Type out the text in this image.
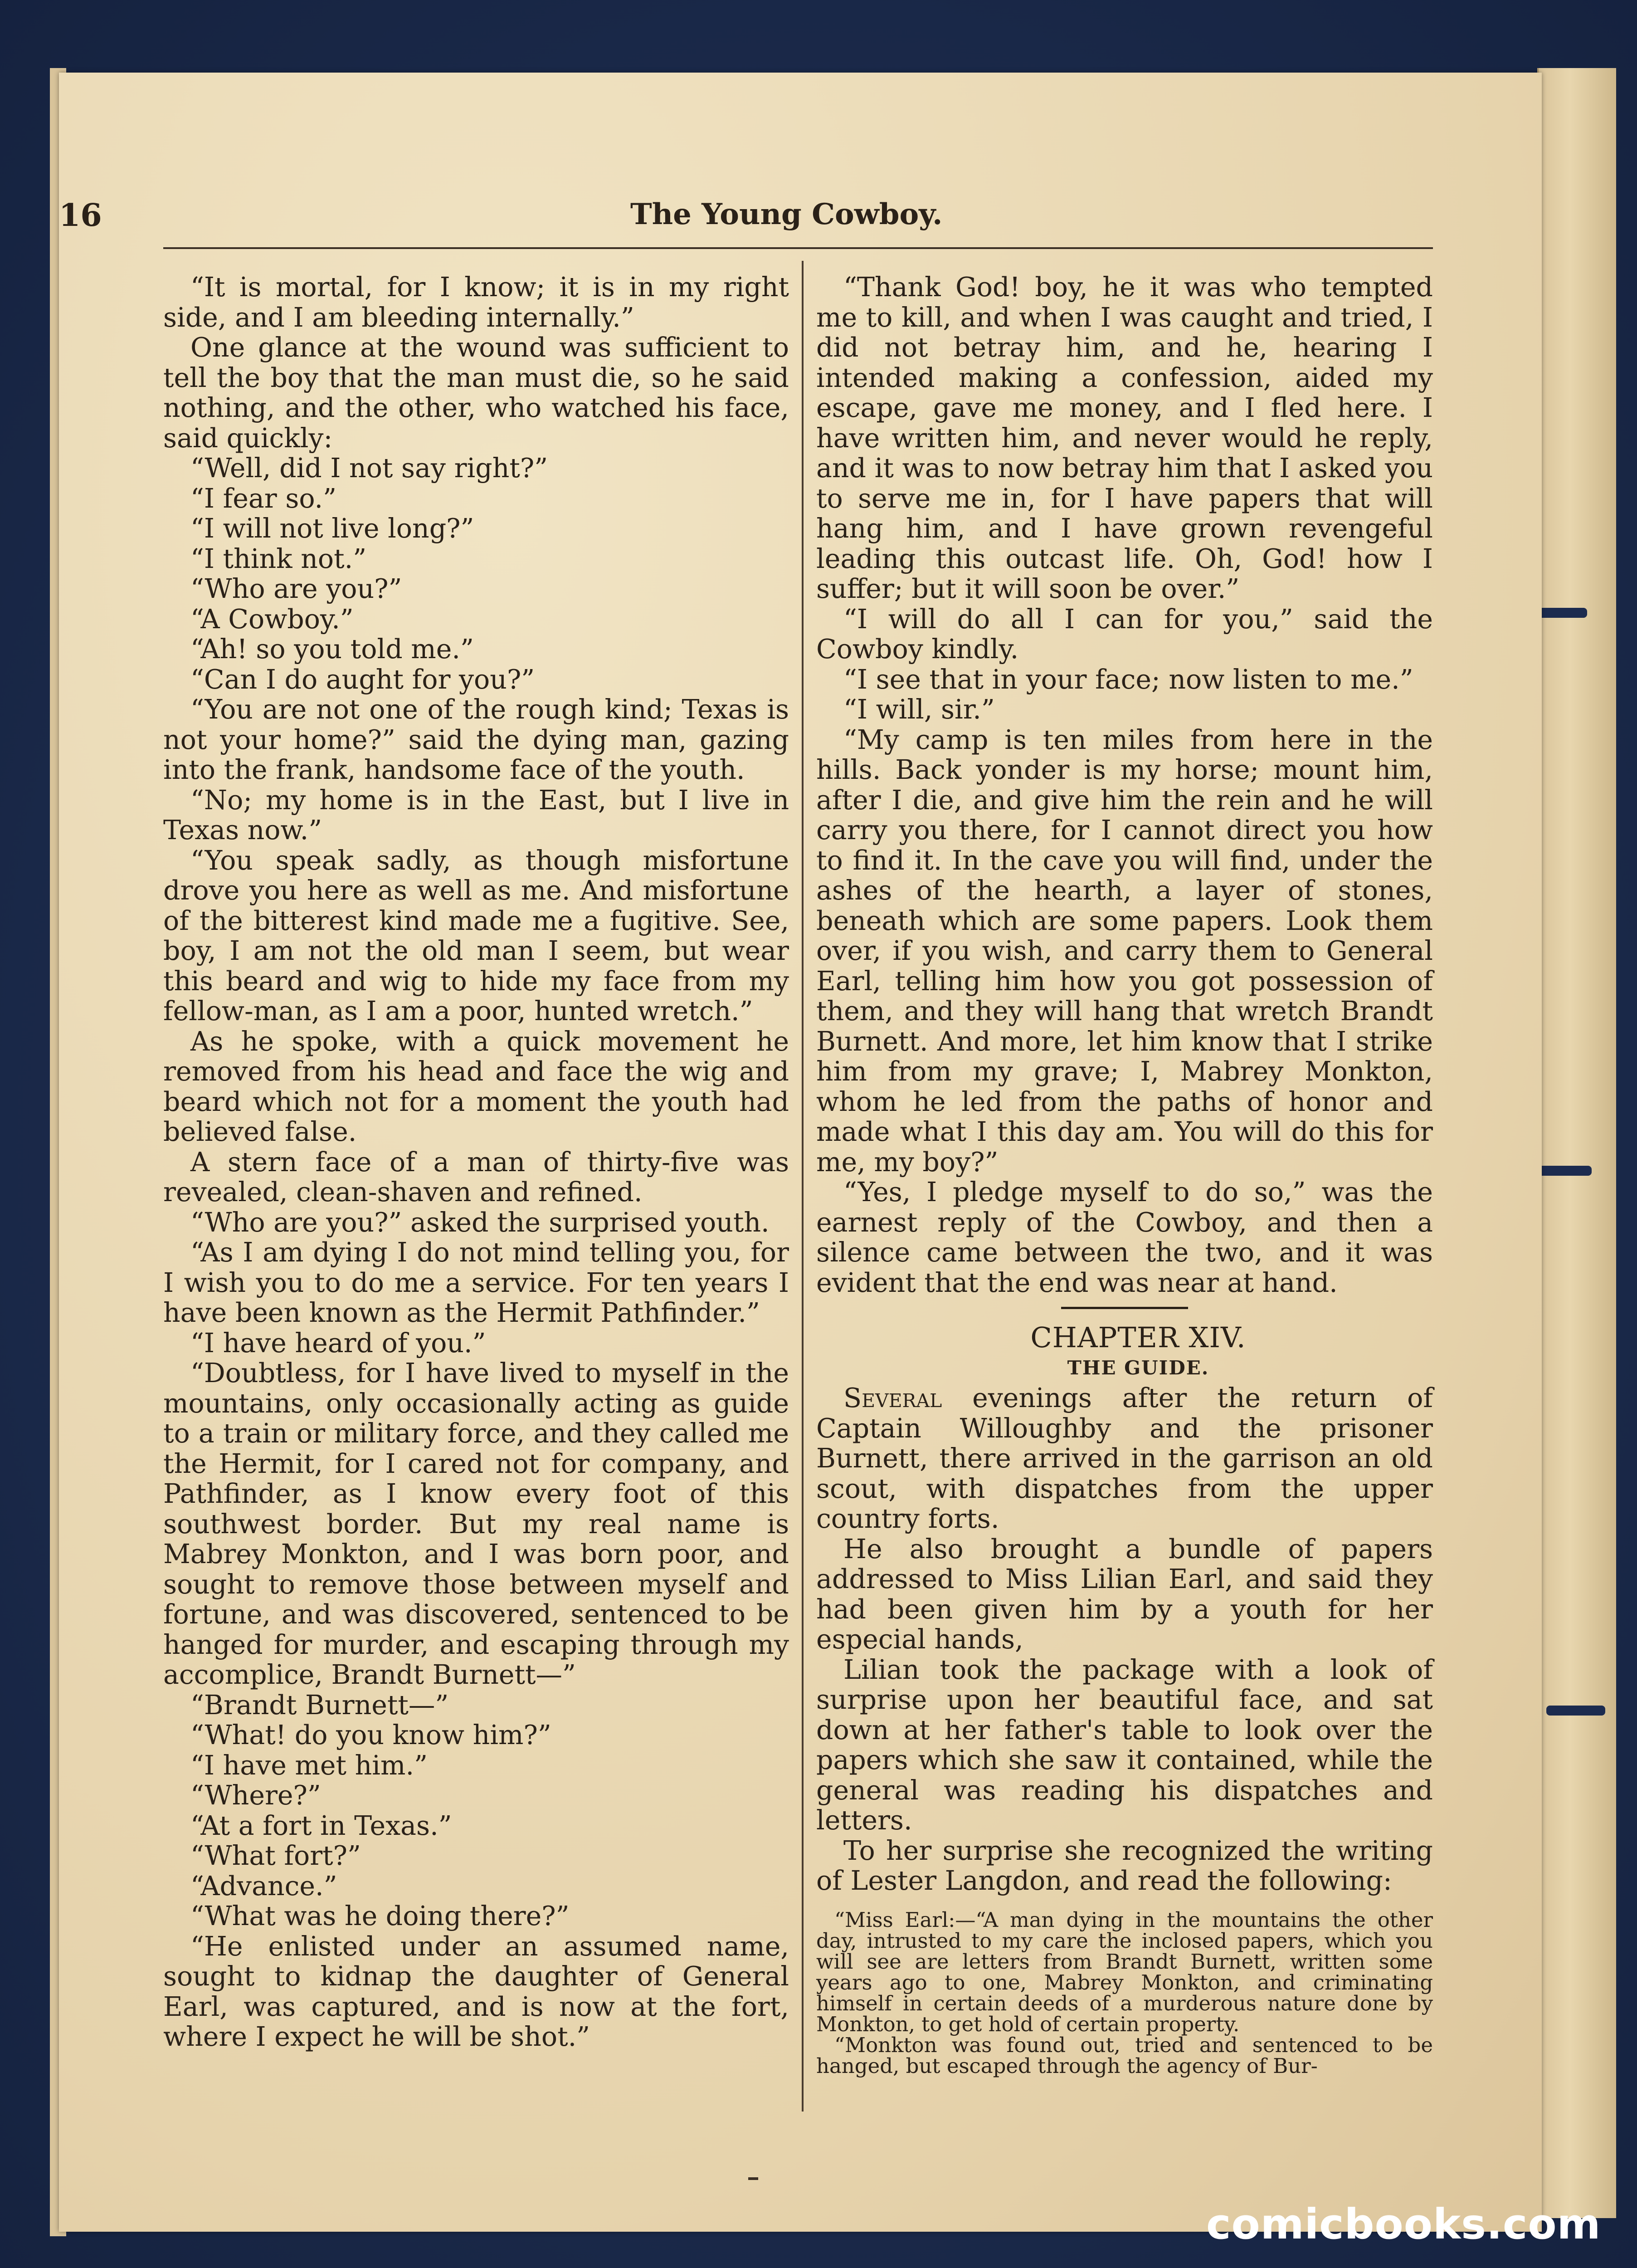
16	The Young Cowboy.

“It is mortal, for I know; it is in my right side, and I am bleeding internally.”

One glance at the wound was sufficient to tell the boy that the man must die, so he said nothing, and the other, who watched his face, said quickly:

“Well, did I not say right?”

“I fear so.”

“I will not live long?”

“I think not.”

“Who are you?”

“A Cowboy.”

“Ah! so you told me.”

“Can I do aught for you?”

“You are not one of the rough kind; Texas is not your home?” said the dying man, gazing into the frank, handsome face of the youth.

“No; my home is in the East, but I live in Texas now.”

“You speak sadly, as though misfortune drove you here as well as me. And misfortune of the bitterest kind made me a fugitive. See, boy, I am not the old man I seem, but wear this beard and wig to hide my face from my fellow-man, as I am a poor, hunted wretch.”

As he spoke, with a quick movement he removed from his head and face the wig and beard which not for a moment the youth had believed false.

A stern face of a man of thirty-five was revealed, clean-shaven and refined.

“Who are you?” asked the surprised youth.

“As I am dying I do not mind telling you, for I wish you to do me a service. For ten years I have been known as the Hermit Pathfinder.”

“I have heard of you.”

“Doubtless, for I have lived to myself in the mountains, only occasionally acting as guide to a train or military force, and they called me the Hermit, for I cared not for company, and Pathfinder, as I know every foot of this southwest border. But my real name is Mabrey Monkton, and I was born poor, and sought to remove those between myself and fortune, and was discovered, sentenced to be hanged for murder, and escaping through my accomplice, Brandt Burnett—”

“Brandt Burnett—”

“What! do you know him?”

“I have met him.”

“Where?”

“At a fort in Texas.”

“What fort?”

“Advance.”

“What was he doing there?”

“He enlisted under an assumed name, sought to kidnap the daughter of General Earl, was captured, and is now at the fort, where I expect he will be shot.”

“Thank God! boy, he it was who tempted me to kill, and when I was caught and tried, I did not betray him, and he, hearing I intended making a confession, aided my escape, gave me money, and I fled here. I have written him, and never would he reply, and it was to now betray him that I asked you to serve me in, for I have papers that will hang him, and I have grown revengeful leading this outcast life. Oh, God! how I suffer; but it will soon be over.”

“I will do all I can for you,” said the Cowboy kindly.

“I see that in your face; now listen to me.”

“I will, sir.”

“My camp is ten miles from here in the hills. Back yonder is my horse; mount him, after I die, and give him the rein and he will carry you there, for I cannot direct you how to find it. In the cave you will find, under the ashes of the hearth, a layer of stones, beneath which are some papers. Look them over, if you wish, and carry them to General Earl, telling him how you got possession of them, and they will hang that wretch Brandt Burnett. And more, let him know that I strike him from my grave; I, Mabrey Monkton, whom he led from the paths of honor and made what I this day am. You will do this for me, my boy?”

“Yes, I pledge myself to do so,” was the earnest reply of the Cowboy, and then a silence came between the two, and it was evident that the end was near at hand.

CHAPTER XIV.

THE GUIDE.

Several evenings after the return of Captain Willoughby and the prisoner Burnett, there arrived in the garrison an old scout, with dispatches from the upper country forts.

He also brought a bundle of papers addressed to Miss Lilian Earl, and said they had been given him by a youth for her especial hands,

Lilian took the package with a look of surprise upon her beautiful face, and sat down at her father's table to look over the papers which she saw it contained, while the general was reading his dispatches and letters.

To her surprise she recognized the writing of Lester Langdon, and read the following:

“Miss Earl:—“A man dying in the mountains the other day, intrusted to my care the inclosed papers, which you will see are letters from Brandt Burnett, written some years ago to one, Mabrey Monkton, and criminating himself in certain deeds of a murderous nature done by Monkton, to get hold of certain property.

“Monkton was found out, tried and sentenced to be hanged, but escaped through the agency of Bur-

comicbooks.com
